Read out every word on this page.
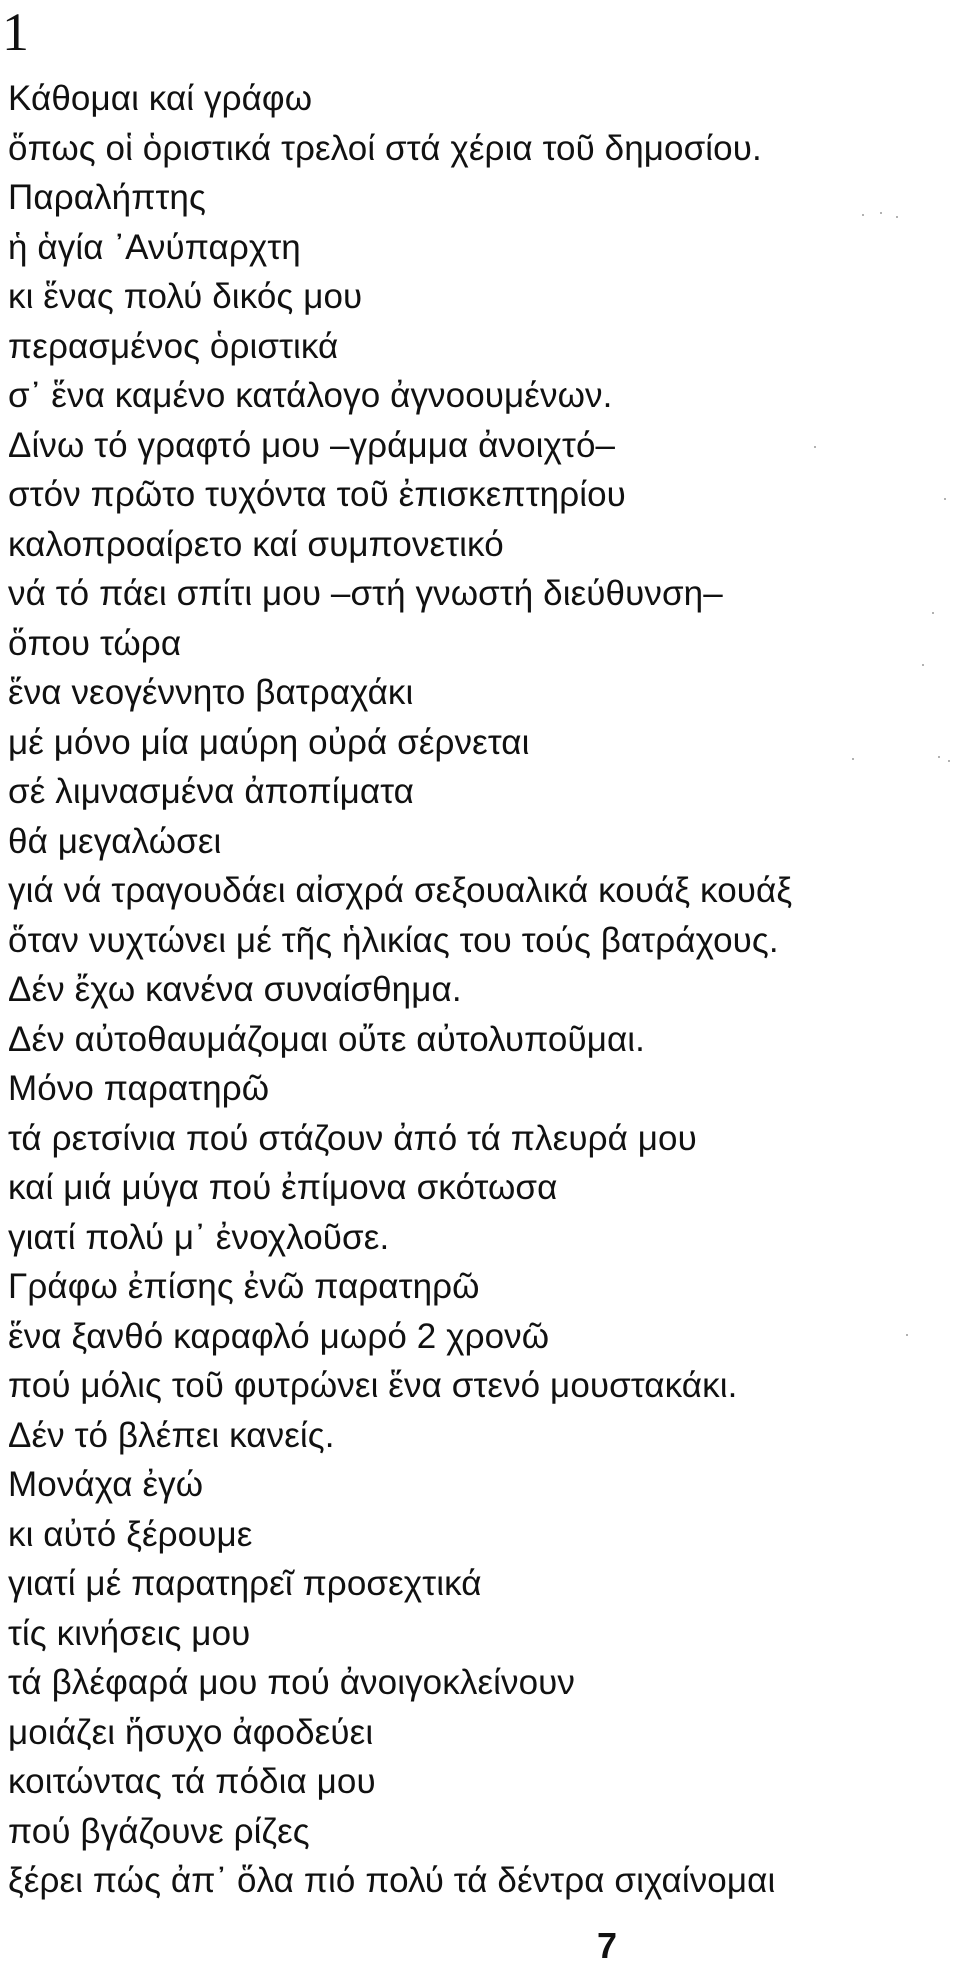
1
Κάθομαι καί γράφω
ὅπως οἱ ὁριστικά τρελοί στά χέρια τοῦ δημοσίου.
Παραλήπτης
ἡ ἁγία ᾿Ανύπαρχτη
κι ἕνας πολύ δικός μου
περασμένος ὁριστικά
σ᾿ ἕνα καμένο κατάλογο ἀγνοουμένων.
Δίνω τό γραφτό μου –γράμμα ἀνοιχτό–
στόν πρῶτο τυχόντα τοῦ ἐπισκεπτηρίου
καλοπροαίρετο καί συμπονετικό
νά τό πάει σπίτι μου –στή γνωστή διεύθυνση–
ὅπου τώρα
ἕνα νεογέννητο βατραχάκι
μέ μόνο μία μαύρη οὐρά σέρνεται
σέ λιμνασμένα ἀποπίματα
θά μεγαλώσει
γιά νά τραγουδάει αἰσχρά σεξουαλικά κουάξ κουάξ
ὅταν νυχτώνει μέ τῆς ἡλικίας του τούς βατράχους.
Δέν ἔχω κανένα συναίσθημα.
Δέν αὐτοθαυμάζομαι οὔτε αὐτολυποῦμαι.
Μόνο παρατηρῶ
τά ρετσίνια πού στάζουν ἀπό τά πλευρά μου
καί μιά μύγα πού ἐπίμονα σκότωσα
γιατί πολύ μ᾿ ἐνοχλοῦσε.
Γράφω ἐπίσης ἐνῶ παρατηρῶ
ἕνα ξανθό καραφλό μωρό 2 χρονῶ
πού μόλις τοῦ φυτρώνει ἕνα στενό μουστακάκι.
Δέν τό βλέπει κανείς.
Μονάχα ἐγώ
κι αὐτό ξέρουμε
γιατί μέ παρατηρεῖ προσεχτικά
τίς κινήσεις μου
τά βλέφαρά μου πού ἀνοιγοκλείνουν
μοιάζει ἥσυχο ἀφοδεύει
κοιτώντας τά πόδια μου
πού βγάζουνε ρίζες
ξέρει πώς ἀπ᾿ ὅλα πιό πολύ τά δέντρα σιχαίνομαι
7
